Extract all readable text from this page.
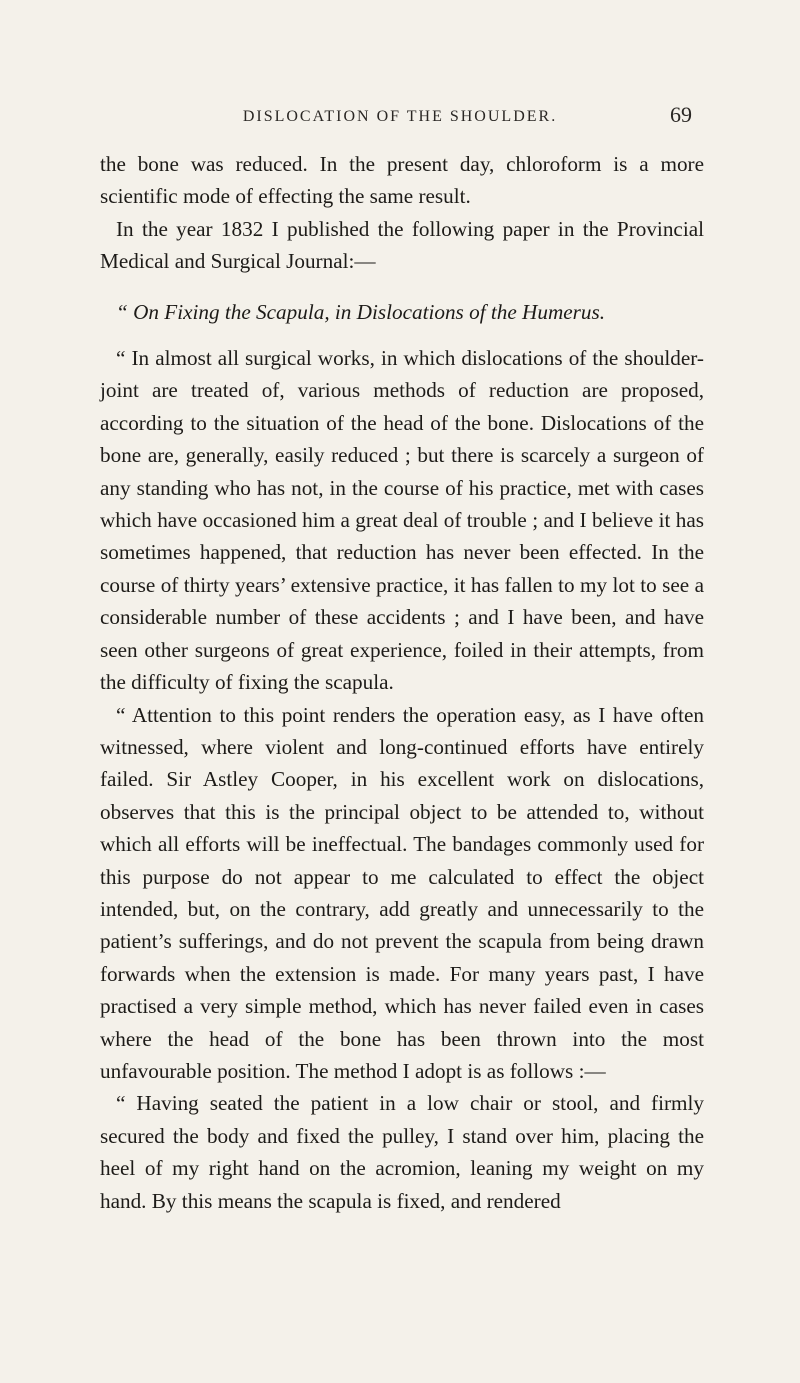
DISLOCATION OF THE SHOULDER.	69

the bone was reduced. In the present day, chloroform is a more scientific mode of effecting the same result.

In the year 1832 I published the following paper in the Provincial Medical and Surgical Journal:—

“ On Fixing the Scapula, in Dislocations of the Humerus.

“ In almost all surgical works, in which dislocations of the shoulder-joint are treated of, various methods of reduction are proposed, according to the situation of the head of the bone. Dislocations of the bone are, generally, easily reduced ; but there is scarcely a surgeon of any standing who has not, in the course of his practice, met with cases which have occasioned him a great deal of trouble ; and I believe it has sometimes happened, that reduction has never been effected. In the course of thirty years’ extensive practice, it has fallen to my lot to see a considerable number of these accidents ; and I have been, and have seen other surgeons of great experience, foiled in their attempts, from the difficulty of fixing the scapula.

“ Attention to this point renders the operation easy, as I have often witnessed, where violent and long-continued efforts have entirely failed. Sir Astley Cooper, in his excellent work on dislocations, observes that this is the principal object to be attended to, without which all efforts will be ineffectual. The bandages commonly used for this purpose do not appear to me calculated to effect the object intended, but, on the contrary, add greatly and unnecessarily to the patient’s sufferings, and do not prevent the scapula from being drawn forwards when the extension is made. For many years past, I have practised a very simple method, which has never failed even in cases where the head of the bone has been thrown into the most unfavourable position. The method I adopt is as follows :—

“ Having seated the patient in a low chair or stool, and firmly secured the body and fixed the pulley, I stand over him, placing the heel of my right hand on the acromion, leaning my weight on my hand. By this means the scapula is fixed, and rendered
